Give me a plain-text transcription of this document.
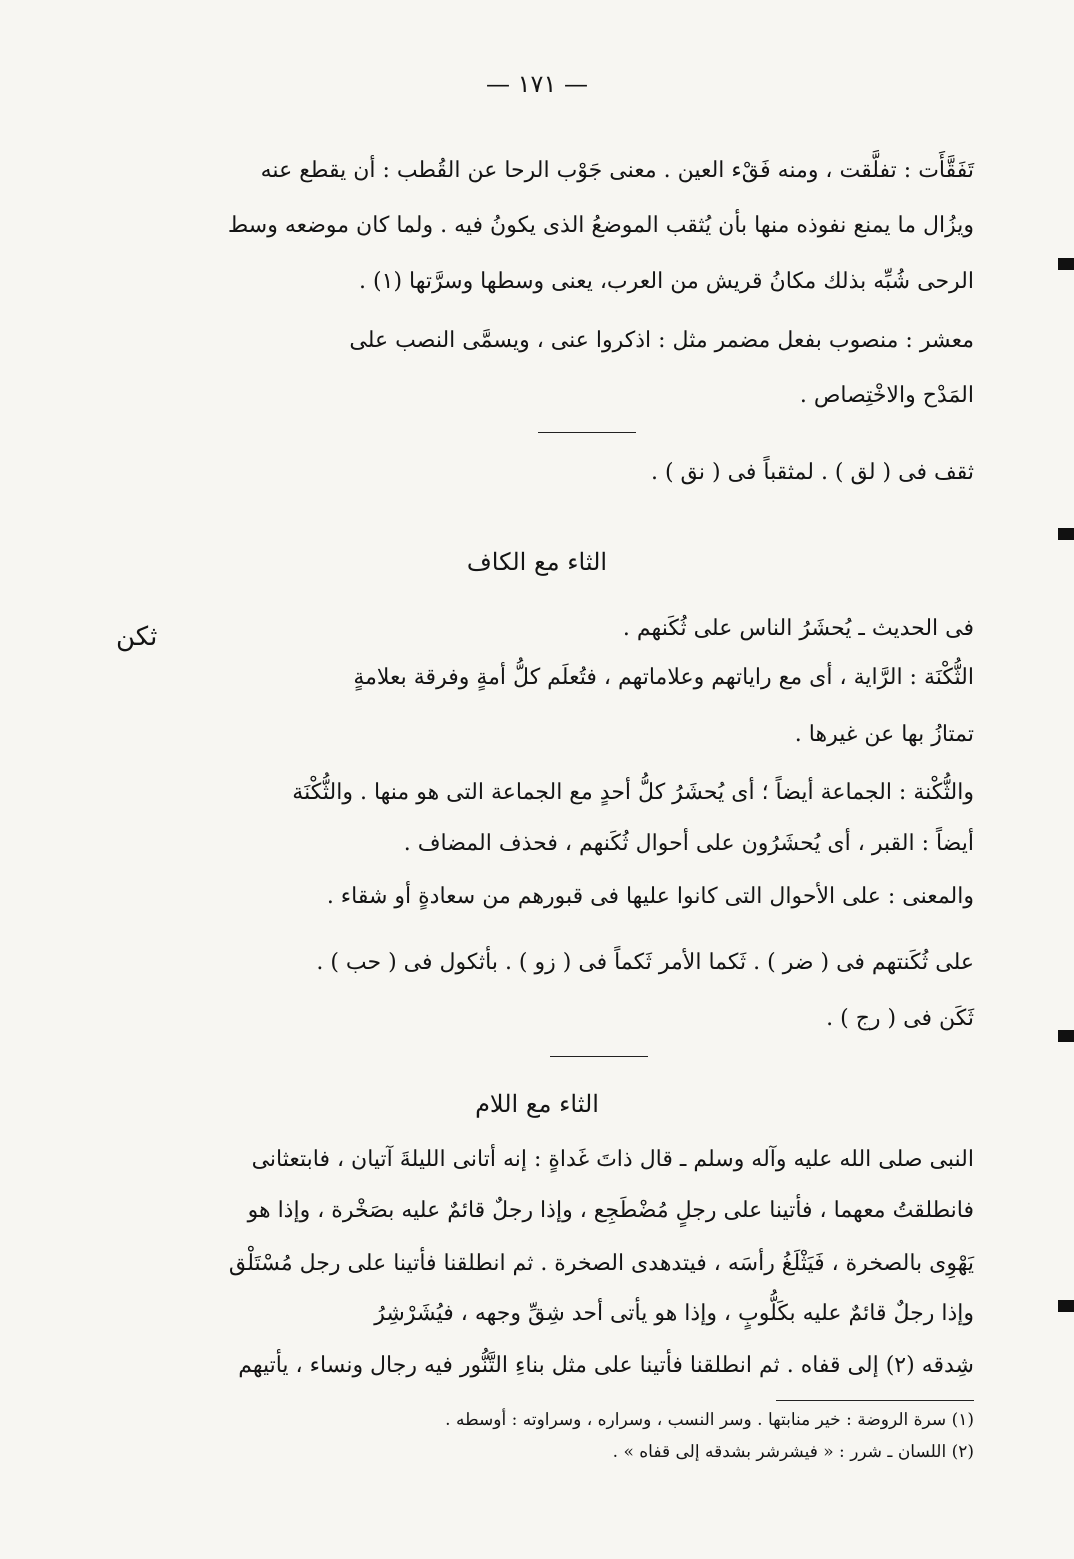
— ١٧١ —
تَفَقَّأَت : تفلَّقت ، ومنه فَقْء العين . معنى جَوْب الرحا عن القُطب : أن يقطع عنه
ويزُال ما يمنع نفوذه منها بأن يُثقب الموضعُ الذى يكونُ فيه . ولما كان موضعه وسط
الرحى شُبِّه بذلك مكانُ قريش من العرب، يعنى وسطها وسرَّتها (١) .
معشر : منصوب بفعل مضمر مثل : اذكروا عنى ، ويسمَّى النصب على
المَدْح والاخْتِصاص .
ثقف فى ( لق ) . لمثقباً فى ( نق ) .
الثاء مع الكاف
ثكن	فى الحديث ـ يُحشَرُ الناس على ثُكَنهم .
الثُّكْنَة : الرَّاية ، أى مع راياتهم وعلاماتهم ، فتُعلَم كلُّ أمةٍ وفرقة بعلامةٍ
تمتازُ بها عن غيرها .
والثُّكْنة : الجماعة أيضاً ؛ أى يُحشَرُ كلُّ أحدٍ مع الجماعة التى هو منها . والثُّكْنَة
أيضاً : القبر ، أى يُحشَرُون على أحوال ثُكَنهم ، فحذف المضاف .
والمعنى : على الأحوال التى كانوا عليها فى قبورهم من سعادةٍ أو شقاء .
على ثُكَنتهم فى ( ضر ) . ثَكما الأمر ثَكماً فى ( زو ) . بأثكول فى ( حب ) .
ثَكَن فى ( رج ) .
الثاء مع اللام
النبى صلى الله عليه وآله وسلم ـ قال ذاتَ غَداةٍ : إنه أتانى الليلةَ آتيان ، فابتعثانى
فانطلقتُ معهما ، فأتينا على رجلٍ مُضْطَجِع ، وإذا رجلٌ قائمٌ عليه بصَخْرة ، وإذا هو
يَهْوِى بالصخرة ، فَيَثْلَغُ رأسَه ، فيتدهدى الصخرة . ثم انطلقنا فأتينا على رجل مُسْتَلْق
وإذا رجلٌ قائمٌ عليه بكَلُّوبٍ ، وإذا هو يأتى أحد شِقِّ وجهه ، فيُشَرْشِرُ
شِدقه (٢) إلى قفاه . ثم انطلقنا فأتينا على مثل بناءِ التَّنُّور فيه رجال ونساء ، يأتيهم
(١) سرة الروضة : خير منابتها . وسر النسب ، وسراره ، وسراوته : أوسطه .
(٢) اللسان ـ شرر : « فيشرشر بشدقه إلى قفاه » .
